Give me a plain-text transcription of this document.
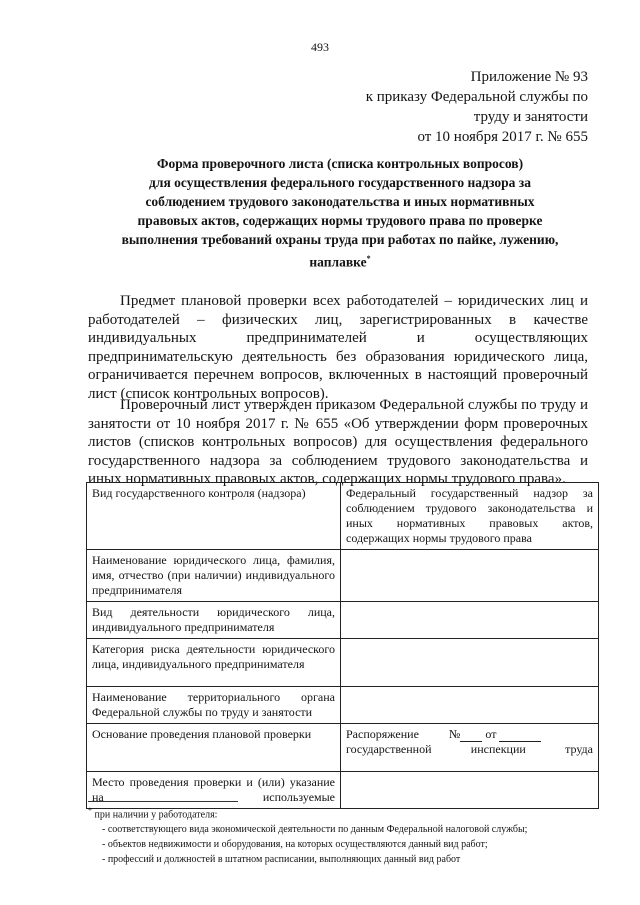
493
Приложение № 93
к приказу Федеральной службы по
труду и занятости
от 10 ноября 2017 г. № 655
Форма проверочного листа (списка контрольных вопросов)
для осуществления федерального государственного надзора за
соблюдением трудового законодательства и иных нормативных
правовых актов, содержащих нормы трудового права по проверке
выполнения требований охраны труда при работах по пайке, лужению,
наплавке*

Предмет плановой проверки всех работодателей – юридических лиц и работодателей – физических лиц, зарегистрированных в качестве индивидуальных предпринимателей и осуществляющих предпринимательскую деятельность без образования юридического лица, ограничивается перечнем вопросов, включенных в настоящий проверочный лист (список контрольных вопросов).

Проверочный лист утвержден приказом Федеральной службы по труду и занятости от 10 ноября 2017 г. № 655 «Об утверждении форм проверочных листов (списков контрольных вопросов) для осуществления федерального государственного надзора за соблюдением трудового законодательства и иных нормативных правовых актов, содержащих нормы трудового права».

Вид государственного контроля (надзора)	Федеральный государственный надзор за соблюдением трудового законодательства и иных нормативных правовых актов, содержащих нормы трудового права
Наименование юридического лица, фамилия, имя, отчество (при наличии) индивидуального предпринимателя	
Вид деятельности юридического лица, индивидуального предпринимателя	
Категория риска деятельности юридического лица, индивидуального предпринимателя	
Наименование территориального органа Федеральной службы по труду и занятости	
Основание проведения плановой проверки	Распоряжение № от
государственной инспекции труда

Место проведения проверки и (или) указание на используемые	
* при наличии у работодателя:
- соответствующего вида экономической деятельности по данным Федеральной налоговой службы;
- объектов недвижимости и оборудования, на которых осуществляются данный вид работ;
- профессий и должностей в штатном расписании, выполняющих данный вид работ
